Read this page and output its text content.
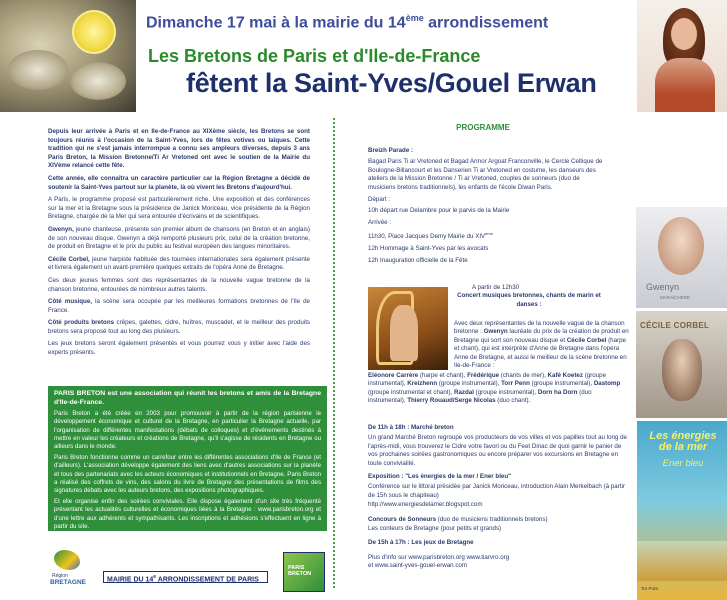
Dimanche 17 mai à la mairie du 14ème arrondissement
Les Bretons de Paris et d'Ile-de-France
fêtent la Saint-Yves/Gouel Erwan

Depuis leur arrivée à Paris et en Ile-de-France au XIXème siècle, les Bretons se sont toujours réunis à l'occasion de la Saint-Yves, lors de fêtes votives ou laïques. Cette tradition qui ne s'est jamais interrompue a connu ses ampleurs diverses, depuis 3 ans Paris Breton, la Mission Bretonne/Ti Ar Vretoned ont avec le soutien de la Mairie du XIVème relancé cette fête.

Cette année, elle connaîtra un caractère particulier car la Région Bretagne a décidé de soutenir la Saint-Yves partout sur la planète, là où vivent les Bretons d'aujourd'hui.

A Paris, le programme proposé est particulièrement riche. Une exposition et des conférences sur la mer et la Bretagne sous la présidence de Janick Moriceau, vice présidente de la Région Bretagne, chargée de la Mer qui sera entourée d'écrivains et de scientifiques.

Gwenyn, jeune chanteuse, présente son premier album de chansons (en Breton et en anglais) de son nouveau disque. Gwenyn a déjà remporté plusieurs prix, celui de la création bretonne, de produit en Bretagne et le prix du public au festival européen des langues minoritaires.

Cécile Corbel, jeune harpiste habituée des tournées internationales sera également présente et livrera également un avant-première quelques extraits de l'opéra Anne de Bretagne.

Ces deux jeunes femmes sont des représentantes de la nouvelle vague bretonne de la chanson bretonne, entourées de nombreux autres talents.

Côté musique, la scène sera occupée par les meilleures formations bretonnes de l'Ile de France.

Côté produits bretons crêpes, galettes, cidre, huîtres, muscadet, et le meilleur des produits bretons sera proposé tout au long des plusieurs.

Les jeux bretons seront également présentés et vous pourrez vous y initier avec l'aide des experts présents.

PARIS BRETON est une association qui réunit les bretons et amis de la Bretagne d'Ile-de-France.

Paris Breton a été créée en 2003 pour promouvoir à partir de la région parisienne le développement économique et culturel de la Bretagne, en particulier la Bretagne actuelle, par l'organisation de différentes manifestations (débats de colloques) et d'événements destinés à mettre en valeur les créateurs et créations de Bretagne, qu'il s'agisse de résidents en Bretagne ou ailleurs dans le monde.

Paris Breton fonctionne comme un carrefour entre les différentes associations d'Ile de France (et d'ailleurs). L'association développe également des liens avec d'autres associations sur la planète et tous des partenariats avec les acteurs économiques et institutionnels en Bretagne. Paris Breton a réalisé des coffrets de vins, des salons du livre de Bretagne des présentations de films des signatures débats avec les auteurs bretons, des expositions photographiques.

Et elle organise enfin des soirées conviviales. Elle dispose également d'un site très fréquenté présentant les actualités culturelles et économiques liées à la Bretagne : www.parisbreton.org et d'une lettre aux adhérents et sympathisants. Les inscriptions et adhésions s'effectuent en ligne à partir du site.

Région
BRETAGNE	MAIRIE DU 14e ARRONDISSEMENT DE PARIS
PARIS BRETON
PROGRAMME

Breizh Parade :

Bagad Paris Ti ar Vretoned et Bagad Armor Argoat Franconville, le Cercle Celtique de Boulogne-Billancourt et les Danserien Ti ar Vretoned en costume, les danseurs des ateliers de la Mission Bretonne / Ti ar Vretoned, couples de sonneurs (duo de musiciens bretons traditionnels), les enfants de l'école Diwan Paris.

Départ :

10h départ rue Delambre pour le parvis de la Mairie

Arrivée :

11h30, Place Jacques Demy Mairie du XIVème

12h Hommage à Saint-Yves par les avocats

12h Inauguration officielle de la Fête

A partir de 12h30

Concert musiques bretonnes, chants de marin et danses :

Avec deux représentantes de la nouvelle vague de la chanson bretonne : Gwenyn lauréate du prix de la création de produit en Bretagne qui sort son nouveau disque et Cécile Corbel (harpe et chant), qui est interprète d'Anne de Bretagne dans l'opéra Anne de Bretagne, et aussi le meilleur de la scène bretonne en Ile-de-France :
Eléonore Carrère (harpe et chant), Frédérique (chants de mer), Kafé Koetez (groupe instrumental), Kreizhenn (groupe instrumental), Torr Penn (groupe instrumental), Dastomp (groupe instrumental et chant), Razdal (groupe instrumental), Dorn ha Dorn (duo instrumental), Thierry Rouaud/Serge Nicolas (duo chant).

De 11h à 18h : Marché breton

Un grand Marché Breton regroupe vos producteurs de vos villes et vos papilles tout au long de l'après-midi, vous trouverez le Cidre votre favori ou du Feet Dinac de quoi garnir le panier de vos prochaines soirées gastronomiques ou encore préparer vos excursions en Bretagne en toute convivialité.

Exposition : "Les énergies de la mer / Ener bleu"

Conférence sur le littoral présidée par Janick Moriceau, introduction Alain Merkelbach (à partir de 15h sous le chapiteau)

http://www.energiesdelamer.blogspot.com

Concours de Sonneurs (duo de musiciens traditionnels bretons)

Les conteurs de Bretagne (pour petits et grands)

De 15h à 17h : Les jeux de Bretagne

Plus d'info sur www.parisbreton.org www.tiarvro.org

et www.saint-yves-gouel-erwan.com

Gwenyn
MARAÎCHÈRE
CÉCILE CORBEL
Les énergies de la mer
Ener bleu
Tor Pont
